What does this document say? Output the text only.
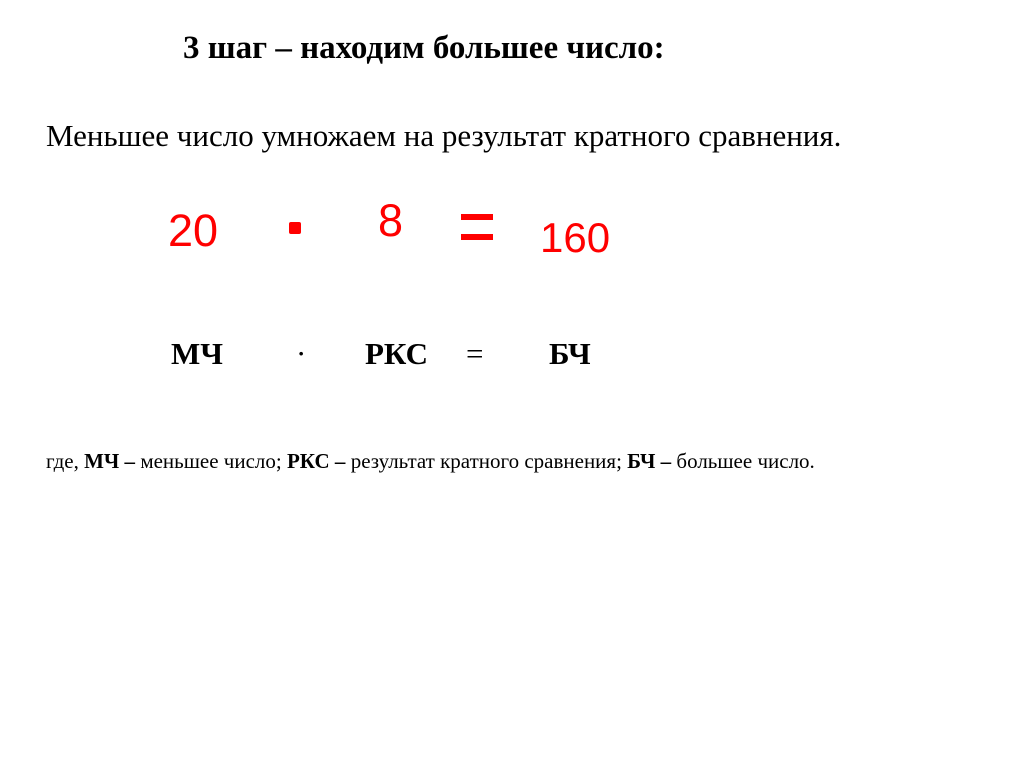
3 шаг – находим большее число:
Меньшее число умножаем на результат кратного сравнения.
20	8	160
МЧ · РКС = БЧ
где, МЧ – меньшее число; РКС – результат кратного сравнения; БЧ – большее число.
